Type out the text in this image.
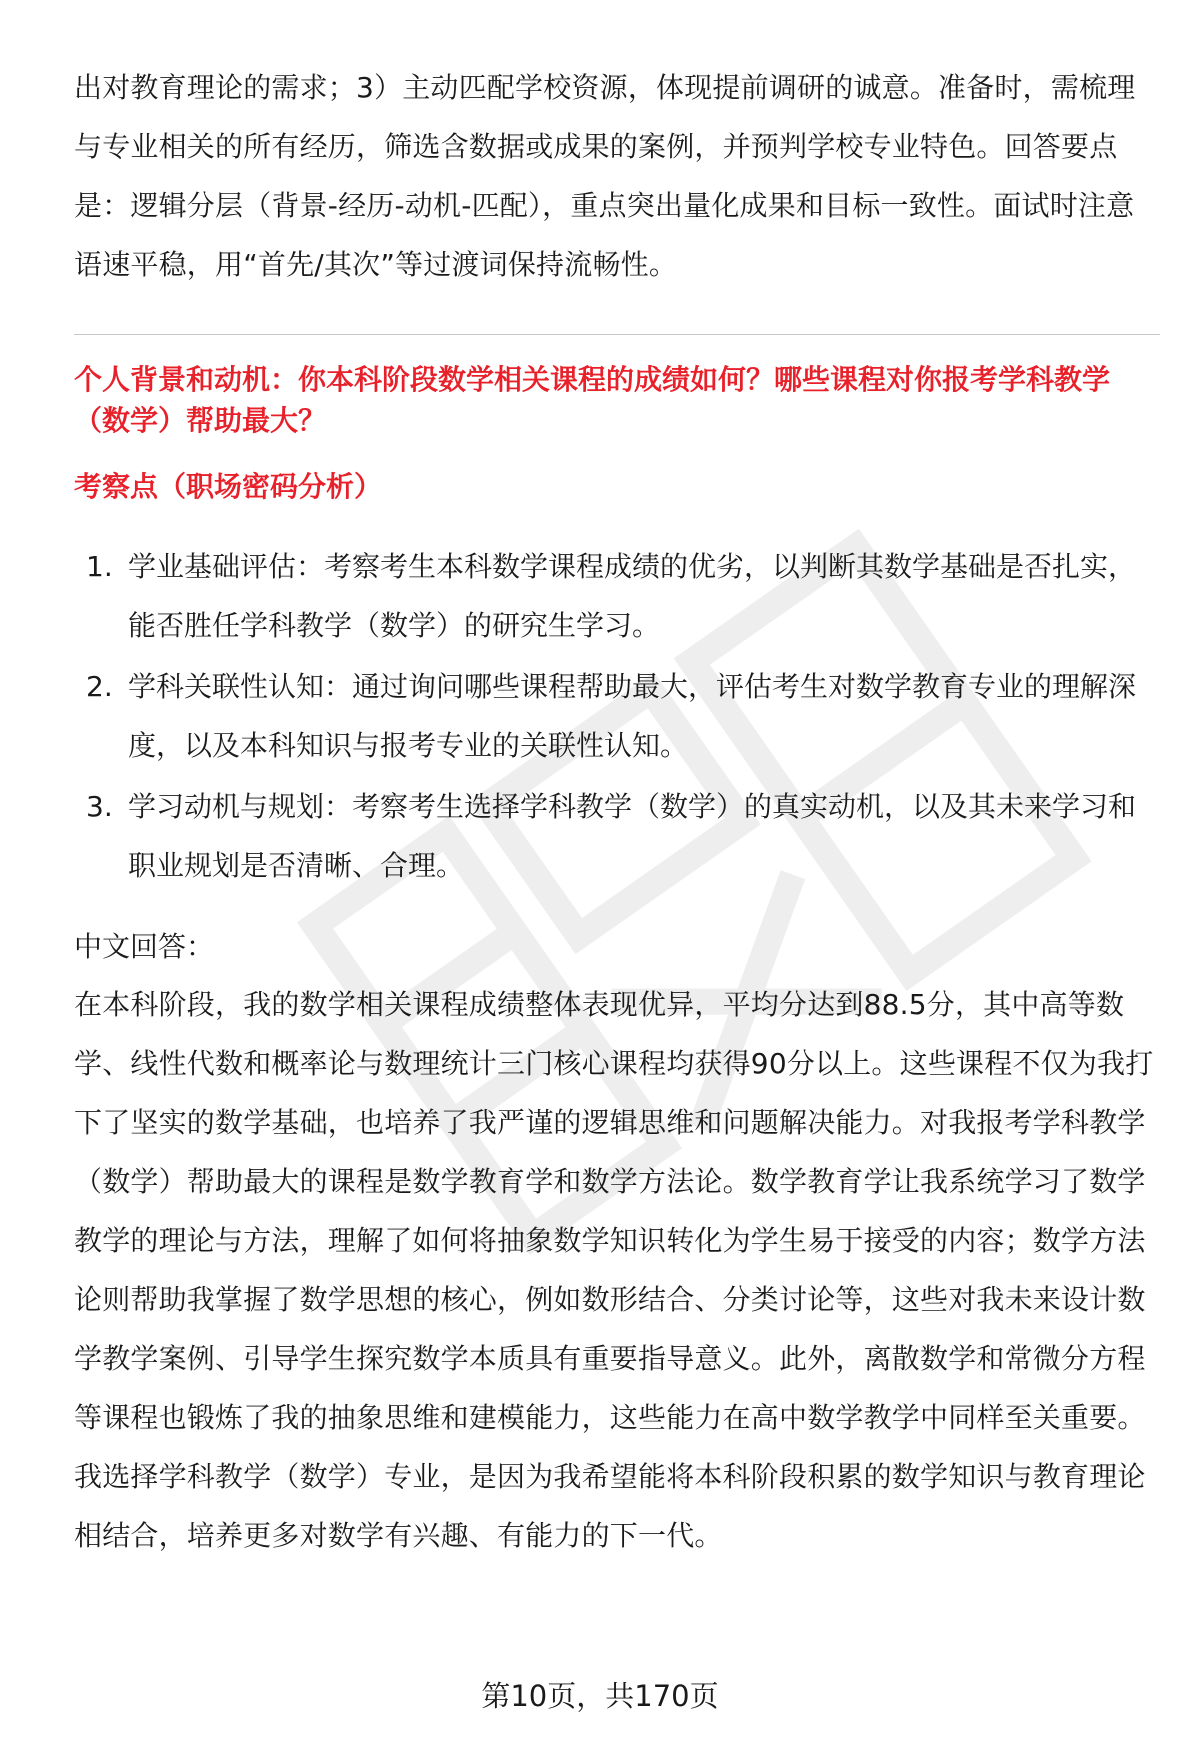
出对教育理论的需求；3）主动匹配学校资源，体现提前调研的诚意。准备时，需梳理与专业相关的所有经历，筛选含数据或成果的案例，并预判学校专业特色。回答要点是：逻辑分层（背景-经历-动机-匹配），重点突出量化成果和目标一致性。面试时注意语速平稳，用“首先/其次”等过渡词保持流畅性。

个人背景和动机：你本科阶段数学相关课程的成绩如何？哪些课程对你报考学科教学（数学）帮助最大？

考察点（职场密码分析）

1. 学业基础评估：考察考生本科数学课程成绩的优劣，以判断其数学基础是否扎实，能否胜任学科教学（数学）的研究生学习。
2. 学科关联性认知：通过询问哪些课程帮助最大，评估考生对数学教育专业的理解深度，以及本科知识与报考专业的关联性认知。
3. 学习动机与规划：考察考生选择学科教学（数学）的真实动机，以及其未来学习和职业规划是否清晰、合理。

中文回答：

在本科阶段，我的数学相关课程成绩整体表现优异，平均分达到88.5分，其中高等数学、线性代数和概率论与数理统计三门核心课程均获得90分以上。这些课程不仅为我打下了坚实的数学基础，也培养了我严谨的逻辑思维和问题解决能力。对我报考学科教学（数学）帮助最大的课程是数学教育学和数学方法论。数学教育学让我系统学习了数学教学的理论与方法，理解了如何将抽象数学知识转化为学生易于接受的内容；数学方法论则帮助我掌握了数学思想的核心，例如数形结合、分类讨论等，这些对我未来设计数学教学案例、引导学生探究数学本质具有重要指导意义。此外，离散数学和常微分方程等课程也锻炼了我的抽象思维和建模能力，这些能力在高中数学教学中同样至关重要。我选择学科教学（数学）专业，是因为我希望能将本科阶段积累的数学知识与教育理论相结合，培养更多对数学有兴趣、有能力的下一代。

第10页，共170页
